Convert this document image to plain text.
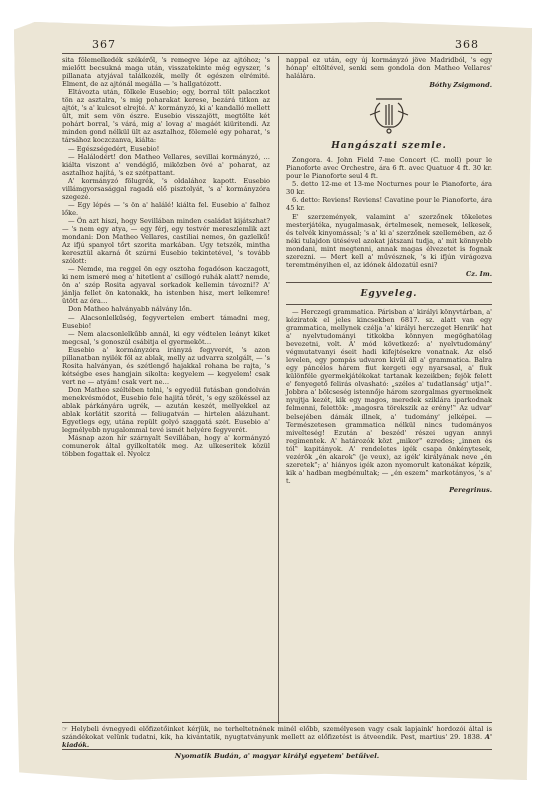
367	368

sita fölemelkedék székéről, 's remegve lépe az ajtóhoz; 's mielőtt becsukná maga után, visszatekinte még egyszer, 's pillanata atyjával találkozék, melly őt egészen elrémité. Elment, de az ajtónál megálla — 's hallgatózott.

Eltávozta után, fölkele Eusebio; egy, borral tölt palaczkot tön az asztalra, 's mig poharakat kerese, bezárá titkon az ajtót, 's a' kulcsot elrejté. A' kormányzó, ki a' kandalló mellett ült, mit sem vön észre. Eusebio visszajött, megtölte két pohárt borral, 's várá, mig a' lovag a' magáét kiüritendi. Az minden gond nélkül ült az asztalhoz, fölemelé egy poharat, 's társához koczczanva, kiálta:

— Egészségedért, Eusebio!

— Halálodért! don Matheo Vellares, sevillai kormányzó, … kiálta viszont a' vendéglő, miközben övé a' poharat, az asztalhoz hajítá, 's ez szétpattant.

A' kormányzó fölugrék, 's oldalához kapott. Eusebio villámgyorsasággal ragadá elő pisztolyát, 's a' kormányzóra szegezé.

— Egy lépés — 's ön a' halálé! kiálta fel. Eusebio a' falhoz lőke.

— Ön azt hiszi, hogy Sevillában minden családat kijátszhat? — 's nem egy atya, — egy férj, egy testvér mereszlemlik azt mondani: Don Matheo Vellares, castiliai nemes, ön gazlelkű! Az ifjú spanyol tőrt szorita markában. Ugy tetszék, mintha keresztül akarná őt szúrni Eusebio tekintetével, 's tovább szólott:

— Nemde, ma reggel ön egy osztoha fogadóson kaczagott, ki nem ismeré meg a' hitetlent a' csillogó ruhák alatt? nemde, ön a' szép Rosita agyaval sorkadok kellemin távozni!? A' jánlja fellet ön katonakk, ha istenben hisz, mert lelkemre! ütött az óra…

Don Matheo halványabb nálvány lőn.

— Alacsonlelkűség, fegyvertelen embert támadni meg, Eusebio!

— Nem alacsonlelkűbb annál, ki egy védtelen leányt kiket megcsal, 's gonoszúl csábitja el gyermeköt…

Eusebio a' kormányzóra irányzá fegyverét, 's azon pillanatban nyilék föl az ablak, melly az udvarra szolgált, — 's Rosita halványan, és szétlengő hajakkal rohana be rajta, 's kétségbe eses hangjain sikolta: kegyelem — kegyelem! csak vert ne — atyám! csak vert ne…

Don Matheo széltében tolni, 's egyedül futásban gondolván menekvésmódot, Eusebio fele hajitá tőrét, 's egy szökéssel az ablak párkányára ugrék, — azután keszét, mellyekkel az ablak korlátit szoritá — feliugatván — hirtelen alázuhant. Egyetlegs egy, utána repült golyó szaggatá szét. Eusebio a' legmélyebb nyugalommal tevé ismét helyére fegyverét.

Másnap azon hír szárnyalt Sevillában, hogy a' kormányzó comunerok által gyilkoltaték meg. Az ulkeseritek közül többen fogattak el. Nyolcz

nappal ez után, egy új kormányzó jöve Madridból, 's egy hónap' eltöltével, senki sem gondola don Matheo Vellares' halálára.

Bóthy Zsigmond.
Hangászati szemle.

Zongora. 4. John Field 7-me Concert (C. moll) pour le Pianoforte avec Orchestre, ára 6 ft. avec Quatuor 4 ft. 30 kr. pour le Pianoforte seul 4 ft.

5. detto 12-me et 13-me Nocturnes pour le Pianoforte, ára 30 kr.

6. detto: Reviens! Reviens! Cavatine pour le Pianoforte, ára 45 kr.

E' szerzemények, valamint a' szerzőnek tökeletes mesterjátéka, nyugalmasak, értelmesek, nemesek, lelkesek, és telvék kinyomással; 's a' ki a' szerzőnek szellemében, az ő néki tulajdon ütésével azokat játszani tudja, a' mit könnyebb mondani, mint megtenni, annak magas élvezetet is fognak szerezni. — Mert kell a' művésznek, 's ki ifjún virágozva teremtményihen el, az idónek áldozatúl esni?

Cz. Im.
Egyveleg.

— Herczegi grammatica. Párisban a' királyi könyvtárban, a' kéziratok el jeles kincsekben 6817. sz. alatt van egy grammatica, mellynek czélja 'a' királyi herczeget Henrik' hat a' nyelvtudományi titkokba könnyen megöghatólag bevezetni, volt. A' mód következő: a' nyelvtudomány' végmutatvanyi éseit hadi kifejtésekre vonatnak. Az első levelen, egy pompás udvaron kivül áll a' grammatica. Balra egy páncélos hárem fiut kergeti egy nyarsasal, a' fiuk különféle gyermekjátékokat tartanak kezeikben; fejök felett e' fenyegető felirás olvasható: „széles a' tudatlanság' utja!‟. Jobbra a' bölcseség istennője három szorgalmas gyermeknek nyujtja kezét, kik egy magos, meredek sziklára iparkodnak felmenni, felettök: „magosra törekszik az erény!‟ Az udvar' belsejében dámák illnek, a' tudomány' jelképei. — Természetesen grammatica nélkül nincs tudományos mivelteség! Ezután a' beszéd' részei ugyan annyi regimentek. A' határozók közt „mikor‟ ezredes; „innen és tól‟ kapitányok. A' rendeletes igék csapa önkénytesek, vezérök „én akarok‟ (je veux), az igék' királyának neve „én szeretek‟; a' hiányos igék azon nyomorult katonákat képzik, kik a' hadban megbénultak; — „én eszem‟ markotányos, 's a' t.

Peregrinus.
☞ Helybeli évnegyedi előfizetőinket kérjük, ne terheltetnének minél előbb, személyesen vagy csak lapjaink' hordozói által is szándékokat velünk tudatni, kik, ha kivántatik, nyugtatványunk mellett az előfizetést is átveendik. Pest, martius' 29. 1838. A' kiadók.
Nyomatik Budán, a' magyar királyi egyetem' betűivel.
